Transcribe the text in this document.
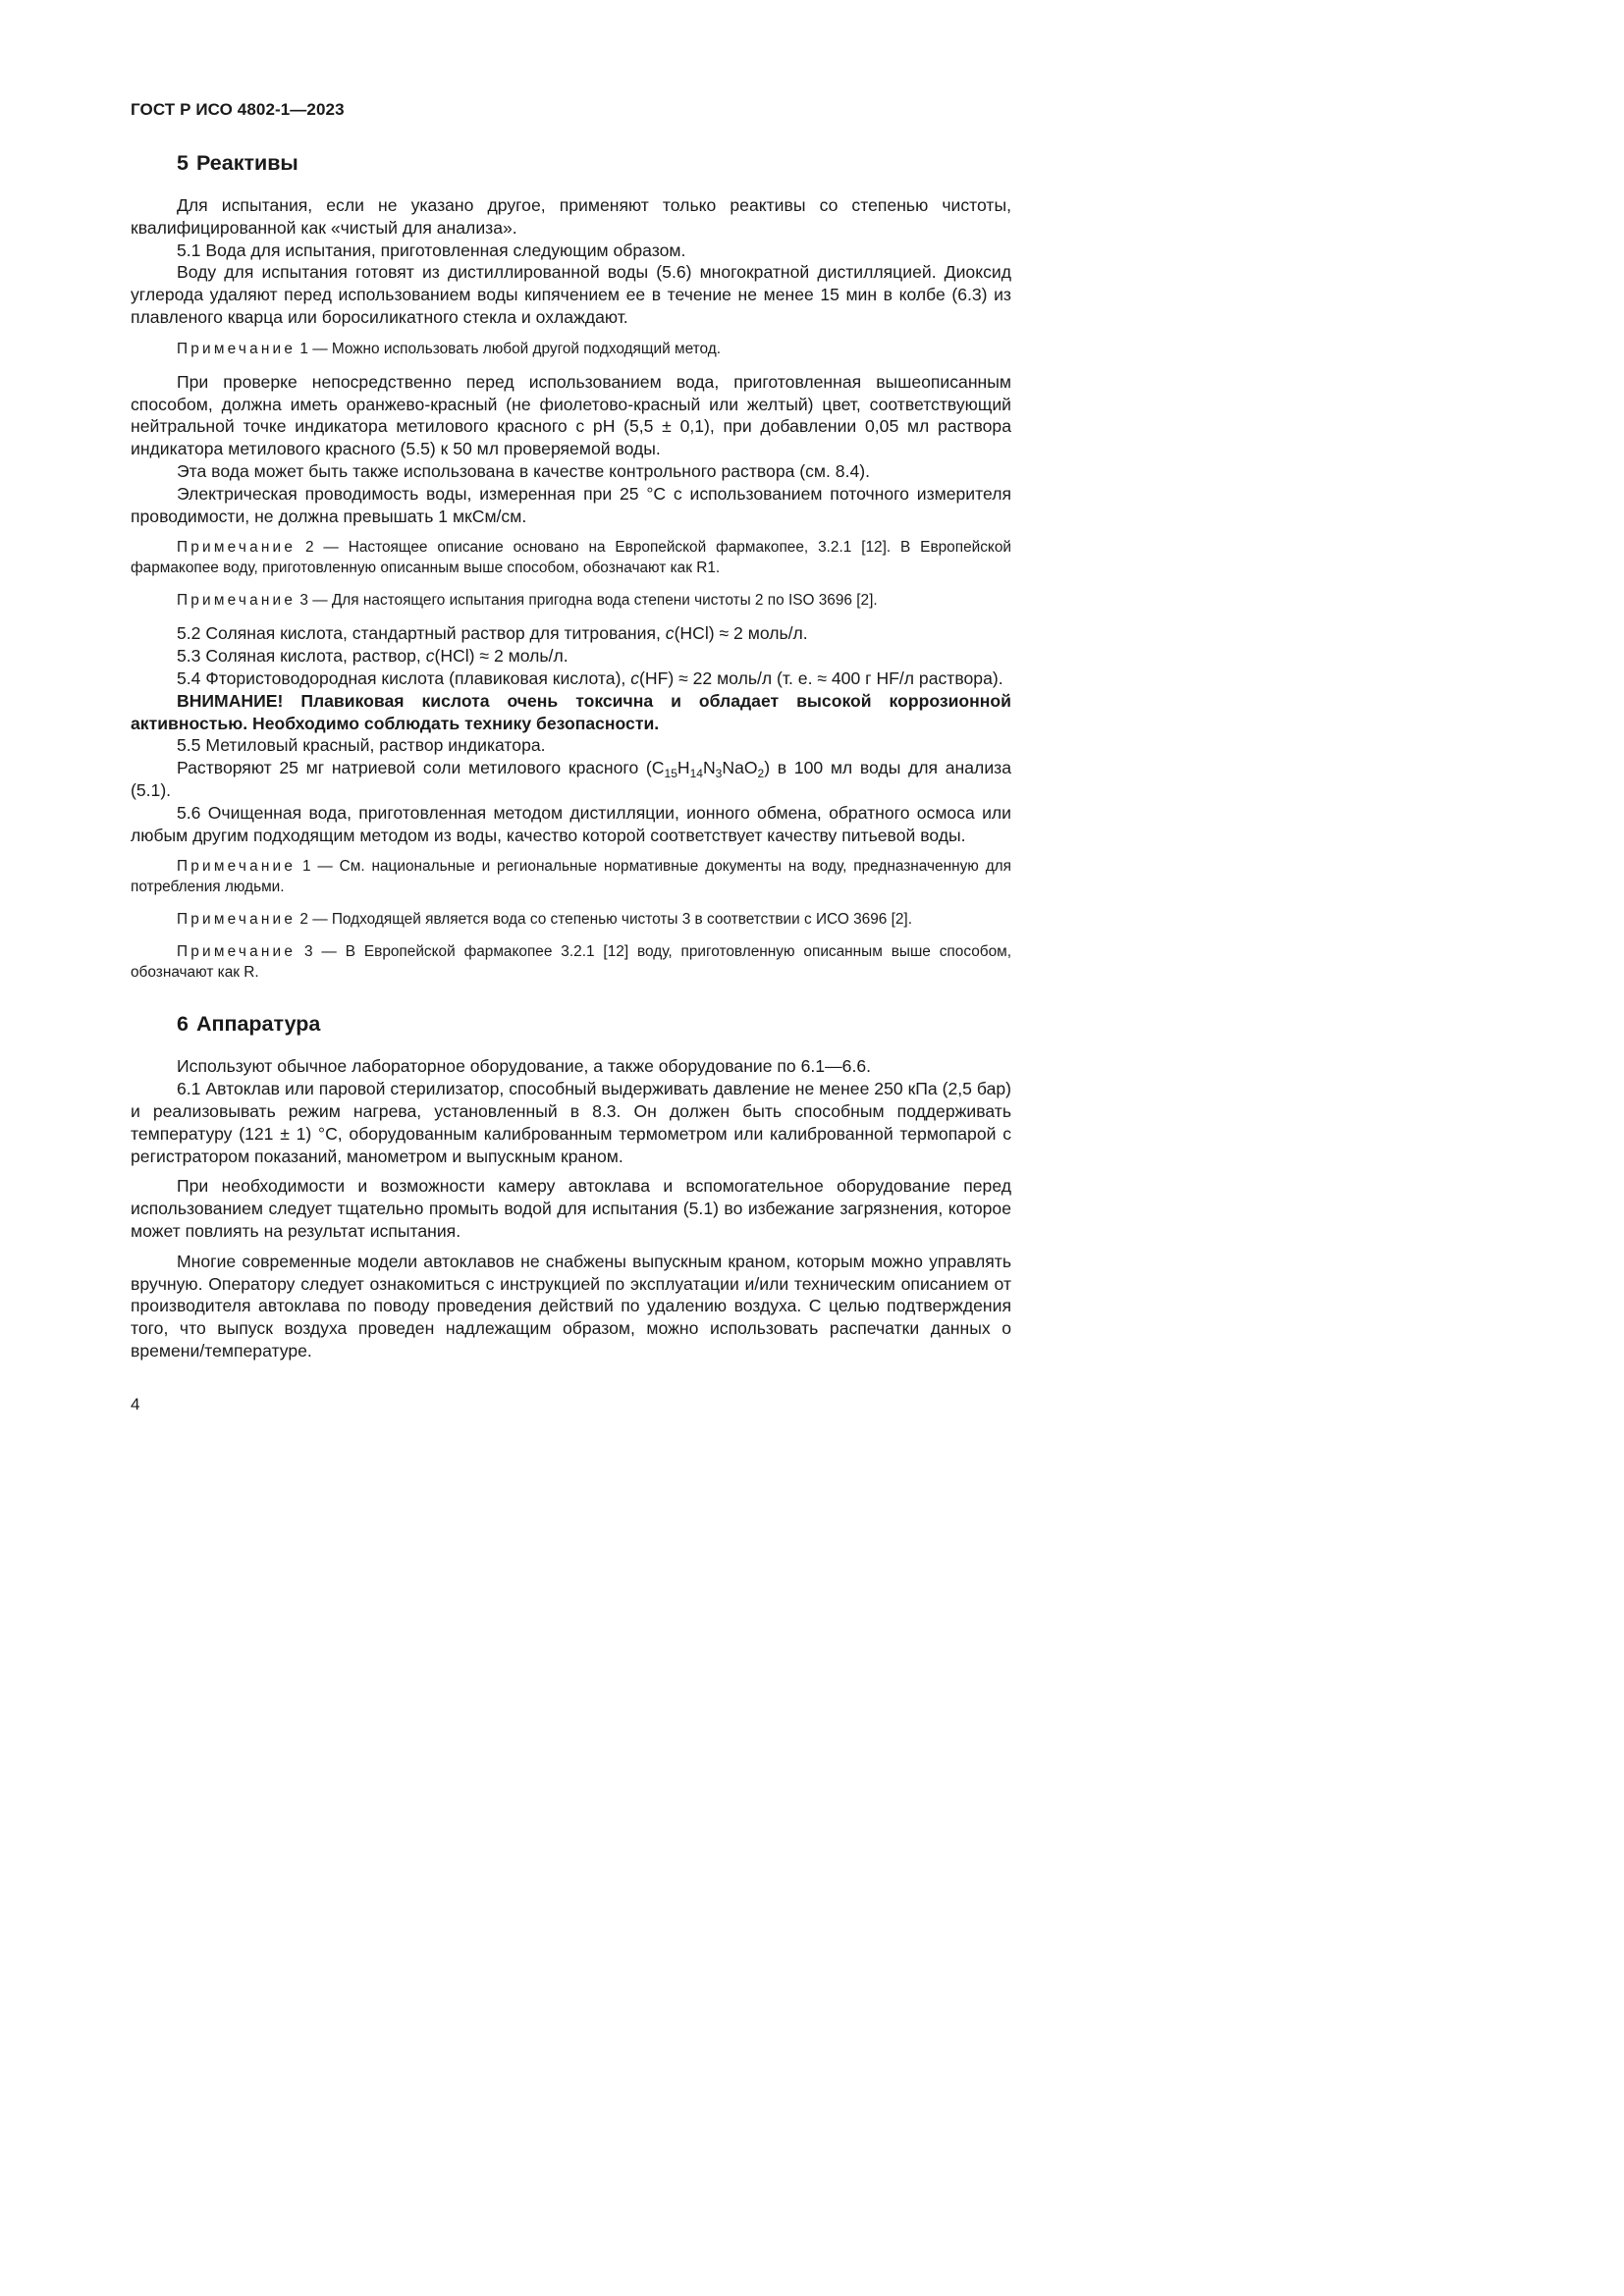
ГОСТ Р ИСО 4802-1—2023
5 Реактивы

Для испытания, если не указано другое, применяют только реактивы со степенью чистоты, квалифицированной как «чистый для анализа».

5.1 Вода для испытания, приготовленная следующим образом.

Воду для испытания готовят из дистиллированной воды (5.6) многократной дистилляцией. Диоксид углерода удаляют перед использованием воды кипячением ее в течение не менее 15 мин в колбе (6.3) из плавленого кварца или боросиликатного стекла и охлаждают.

Примечание 1 — Можно использовать любой другой подходящий метод.

При проверке непосредственно перед использованием вода, приготовленная вышеописанным способом, должна иметь оранжево-красный (не фиолетово-красный или желтый) цвет, соответствующий нейтральной точке индикатора метилового красного с pH (5,5 ± 0,1), при добавлении 0,05 мл раствора индикатора метилового красного (5.5) к 50 мл проверяемой воды.

Эта вода может быть также использована в качестве контрольного раствора (см. 8.4).

Электрическая проводимость воды, измеренная при 25 °C с использованием поточного измерителя проводимости, не должна превышать 1 мкСм/см.

Примечание 2 — Настоящее описание основано на Европейской фармакопее, 3.2.1 [12]. В Европейской фармакопее воду, приготовленную описанным выше способом, обозначают как R1.

Примечание 3 — Для настоящего испытания пригодна вода степени чистоты 2 по ISO 3696 [2].

5.2 Соляная кислота, стандартный раствор для титрования, c(HCl) ≈ 2 моль/л.

5.3 Соляная кислота, раствор, c(HCl) ≈ 2 моль/л.

5.4 Фтористоводородная кислота (плавиковая кислота), c(HF) ≈ 22 моль/л (т. е. ≈ 400 г HF/л раствора).

ВНИМАНИЕ! Плавиковая кислота очень токсична и обладает высокой коррозионной активностью. Необходимо соблюдать технику безопасности.

5.5 Метиловый красный, раствор индикатора.

Растворяют 25 мг натриевой соли метилового красного $(C_{15}H_{14}N_3NaO_2)$ в 100 мл воды для анализа (5.1).

5.6 Очищенная вода, приготовленная методом дистилляции, ионного обмена, обратного осмоса или любым другим подходящим методом из воды, качество которой соответствует качеству питьевой воды.

Примечание 1 — См. национальные и региональные нормативные документы на воду, предназначенную для потребления людьми.

Примечание 2 — Подходящей является вода со степенью чистоты 3 в соответствии с ИСО 3696 [2].

Примечание 3 — В Европейской фармакопее 3.2.1 [12] воду, приготовленную описанным выше способом, обозначают как R.

6 Аппаратура

Используют обычное лабораторное оборудование, а также оборудование по 6.1—6.6.

6.1 Автоклав или паровой стерилизатор, способный выдерживать давление не менее 250 кПа (2,5 бар) и реализовывать режим нагрева, установленный в 8.3. Он должен быть способным поддерживать температуру (121 ± 1) °C, оборудованным калиброванным термометром или калиброванной термопарой с регистратором показаний, манометром и выпускным краном.

При необходимости и возможности камеру автоклава и вспомогательное оборудование перед использованием следует тщательно промыть водой для испытания (5.1) во избежание загрязнения, которое может повлиять на результат испытания.

Многие современные модели автоклавов не снабжены выпускным краном, которым можно управлять вручную. Оператору следует ознакомиться с инструкцией по эксплуатации и/или техническим описанием от производителя автоклава по поводу проведения действий по удалению воздуха. С целью подтверждения того, что выпуск воздуха проведен надлежащим образом, можно использовать распечатки данных о времени/температуре.

4
